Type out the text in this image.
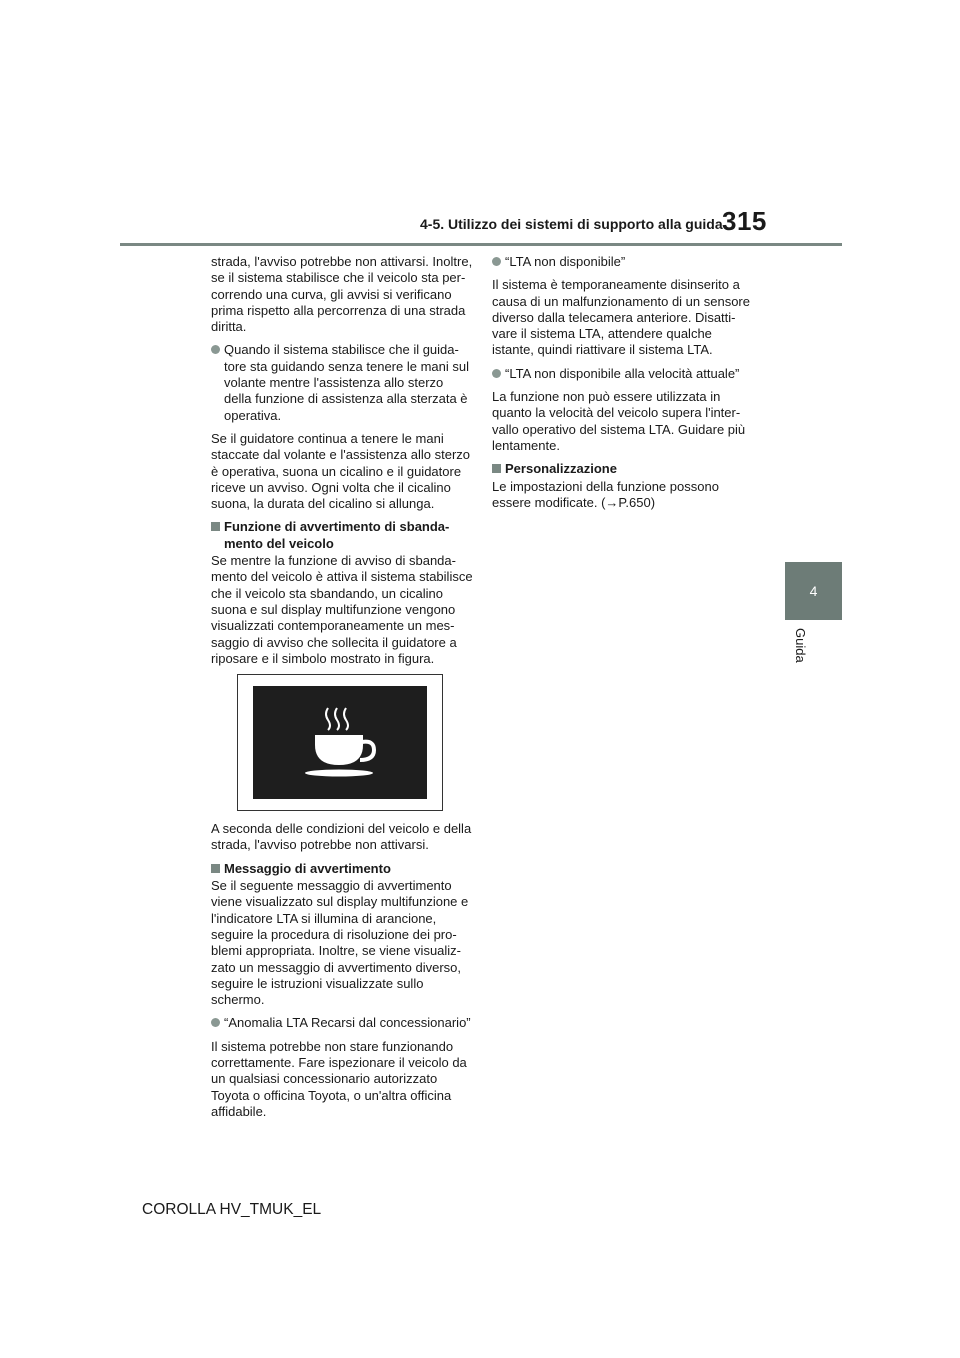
4-5. Utilizzo dei sistemi di supporto alla guida 315
4
Guida

strada, l'avviso potrebbe non attivarsi. Inoltre, se il sistema stabilisce che il veicolo sta per-correndo una curva, gli avvisi si verificano prima rispetto alla percorrenza di una strada diritta.

Quando il sistema stabilisce che il guida-tore sta guidando senza tenere le mani sul volante mentre l'assistenza allo sterzo della funzione di assistenza alla sterzata è operativa.

Se il guidatore continua a tenere le mani staccate dal volante e l'assistenza allo sterzo è operativa, suona un cicalino e il guidatore riceve un avviso. Ogni volta che il cicalino suona, la durata del cicalino si allunga.

Funzione di avvertimento di sbanda-mento del veicolo

Se mentre la funzione di avviso di sbanda-mento del veicolo è attiva il sistema stabilisce che il veicolo sta sbandando, un cicalino suona e sul display multifunzione vengono visualizzati contemporaneamente un mes-saggio di avviso che sollecita il guidatore a riposare e il simbolo mostrato in figura.

A seconda delle condizioni del veicolo e della strada, l'avviso potrebbe non attivarsi.

Messaggio di avvertimento

Se il seguente messaggio di avvertimento viene visualizzato sul display multifunzione e l'indicatore LTA si illumina di arancione, seguire la procedura di risoluzione dei pro-blemi appropriata. Inoltre, se viene visualiz-zato un messaggio di avvertimento diverso, seguire le istruzioni visualizzate sullo schermo.

“Anomalia LTA Recarsi dal concessionario”

Il sistema potrebbe non stare funzionando correttamente. Fare ispezionare il veicolo da un qualsiasi concessionario autorizzato Toyota o officina Toyota, o un'altra officina affidabile.

“LTA non disponibile”

Il sistema è temporaneamente disinserito a causa di un malfunzionamento di un sensore diverso dalla telecamera anteriore. Disatti-vare il sistema LTA, attendere qualche istante, quindi riattivare il sistema LTA.

“LTA non disponibile alla velocità attuale”

La funzione non può essere utilizzata in quanto la velocità del veicolo supera l'inter-vallo operativo del sistema LTA. Guidare più lentamente.

Personalizzazione

Le impostazioni della funzione possono essere modificate. (→P.650)

COROLLA HV_TMUK_EL
